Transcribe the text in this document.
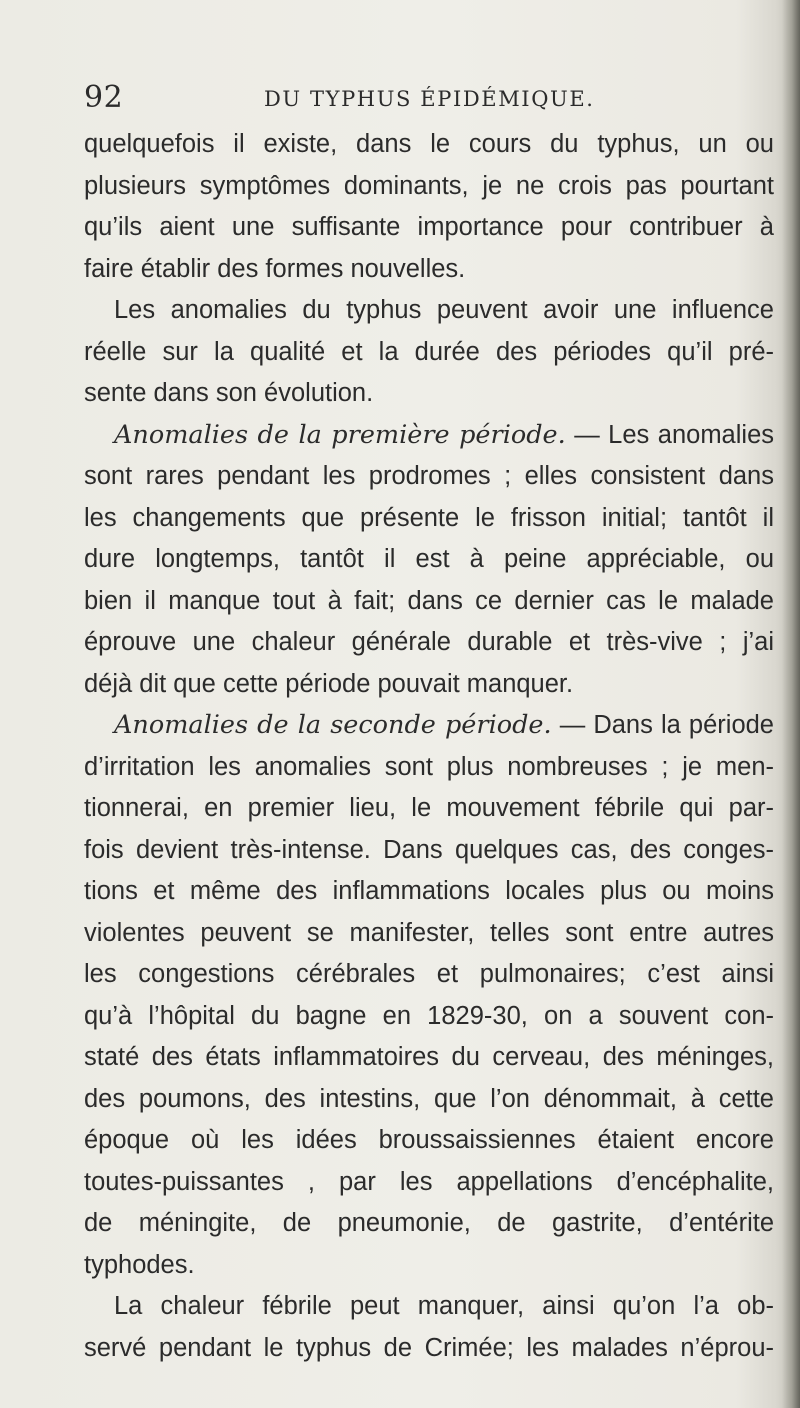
92	DU TYPHUS ÉPIDÉMIQUE.
quelquefois il existe, dans le cours du typhus, un ou
plusieurs symptômes dominants, je ne crois pas pourtant
qu’ils aient une suffisante importance pour contribuer à
faire établir des formes nouvelles.
Les anomalies du typhus peuvent avoir une influence
réelle sur la qualité et la durée des périodes qu’il pré-
sente dans son évolution.
Anomalies de la première période. — Les anomalies
sont rares pendant les prodromes ; elles consistent dans
les changements que présente le frisson initial; tantôt il
dure longtemps, tantôt il est à peine appréciable, ou
bien il manque tout à fait; dans ce dernier cas le malade
éprouve une chaleur générale durable et très-vive ; j’ai
déjà dit que cette période pouvait manquer.
Anomalies de la seconde période. — Dans la période
d’irritation les anomalies sont plus nombreuses ; je men-
tionnerai, en premier lieu, le mouvement fébrile qui par-
fois devient très-intense. Dans quelques cas, des conges-
tions et même des inflammations locales plus ou moins
violentes peuvent se manifester, telles sont entre autres
les congestions cérébrales et pulmonaires; c’est ainsi
qu’à l’hôpital du bagne en 1829-30, on a souvent con-
staté des états inflammatoires du cerveau, des méninges,
des poumons, des intestins, que l’on dénommait, à cette
époque où les idées broussaissiennes étaient encore
toutes-puissantes , par les appellations d’encéphalite,
de méningite, de pneumonie, de gastrite, d’entérite
typhodes.
La chaleur fébrile peut manquer, ainsi qu’on l’a ob-
servé pendant le typhus de Crimée; les malades n’éprou-
